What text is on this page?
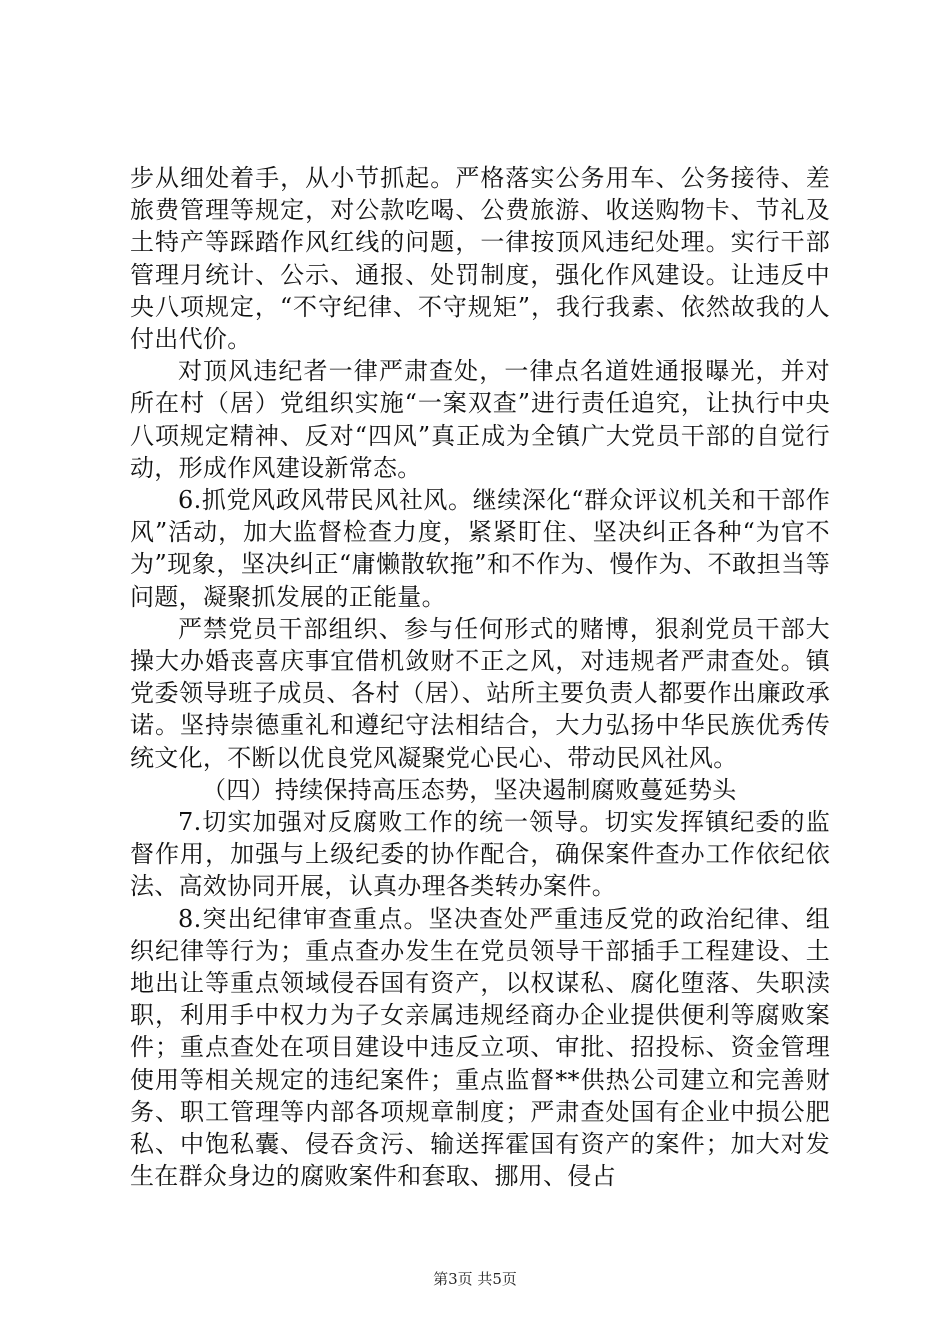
步从细处着手，从小节抓起。严格落实公务用车、公务接待、差旅费管理等规定，对公款吃喝、公费旅游、收送购物卡、节礼及土特产等踩踏作风红线的问题，一律按顶风违纪处理。实行干部管理月统计、公示、通报、处罚制度，强化作风建设。让违反中央八项规定，“不守纪律、不守规矩”，我行我素、依然故我的人付出代价。

对顶风违纪者一律严肃查处，一律点名道姓通报曝光，并对所在村（居）党组织实施“一案双查”进行责任追究，让执行中央八项规定精神、反对“四风”真正成为全镇广大党员干部的自觉行动，形成作风建设新常态。

6.抓党风政风带民风社风。继续深化“群众评议机关和干部作风”活动，加大监督检查力度，紧紧盯住、坚决纠正各种“为官不为”现象，坚决纠正“庸懒散软拖”和不作为、慢作为、不敢担当等问题，凝聚抓发展的正能量。

严禁党员干部组织、参与任何形式的赌博，狠刹党员干部大操大办婚丧喜庆事宜借机敛财不正之风，对违规者严肃查处。镇党委领导班子成员、各村（居）、站所主要负责人都要作出廉政承诺。坚持崇德重礼和遵纪守法相结合，大力弘扬中华民族优秀传统文化，不断以优良党风凝聚党心民心、带动民风社风。

（四）持续保持高压态势，坚决遏制腐败蔓延势头

7.切实加强对反腐败工作的统一领导。切实发挥镇纪委的监督作用，加强与上级纪委的协作配合，确保案件查办工作依纪依法、高效协同开展，认真办理各类转办案件。

8.突出纪律审查重点。坚决查处严重违反党的政治纪律、组织纪律等行为；重点查办发生在党员领导干部插手工程建设、土地出让等重点领域侵吞国有资产，以权谋私、腐化堕落、失职渎职，利用手中权力为子女亲属违规经商办企业提供便利等腐败案件；重点查处在项目建设中违反立项、审批、招投标、资金管理使用等相关规定的违纪案件；重点监督**供热公司建立和完善财务、职工管理等内部各项规章制度；严肃查处国有企业中损公肥私、中饱私囊、侵吞贪污、输送挥霍国有资产的案件；加大对发生在群众身边的腐败案件和套取、挪用、侵占

第3页 共5页
